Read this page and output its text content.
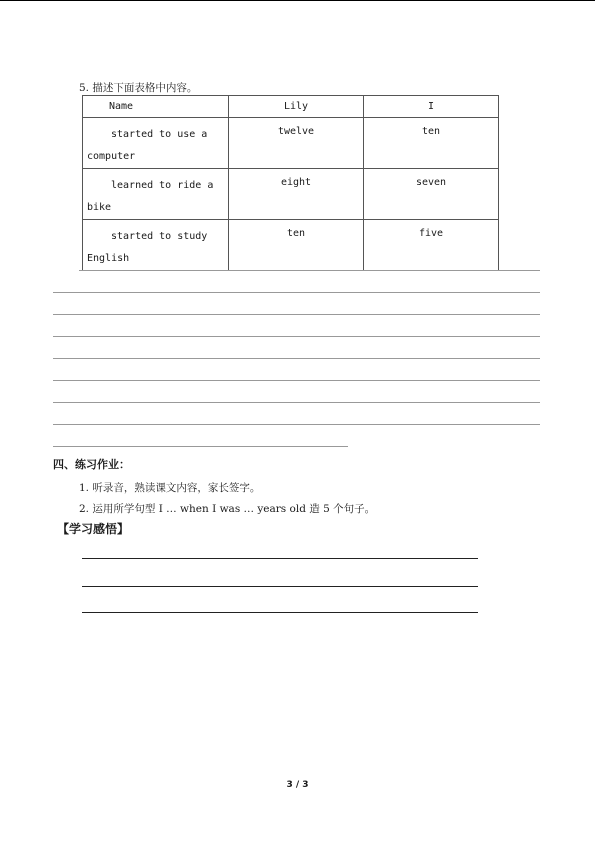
5. 描述下面表格中内容。
Name	Lily	I

started to use a computer	twelve	ten

learned to ride a bike	eight	seven

started to study English	ten	five
四、练习作业：
1. 听录音，熟读课文内容，家长签字。
2. 运用所学句型 I … when I was … years old 造 5 个句子。
【学习感悟】
3 / 3
